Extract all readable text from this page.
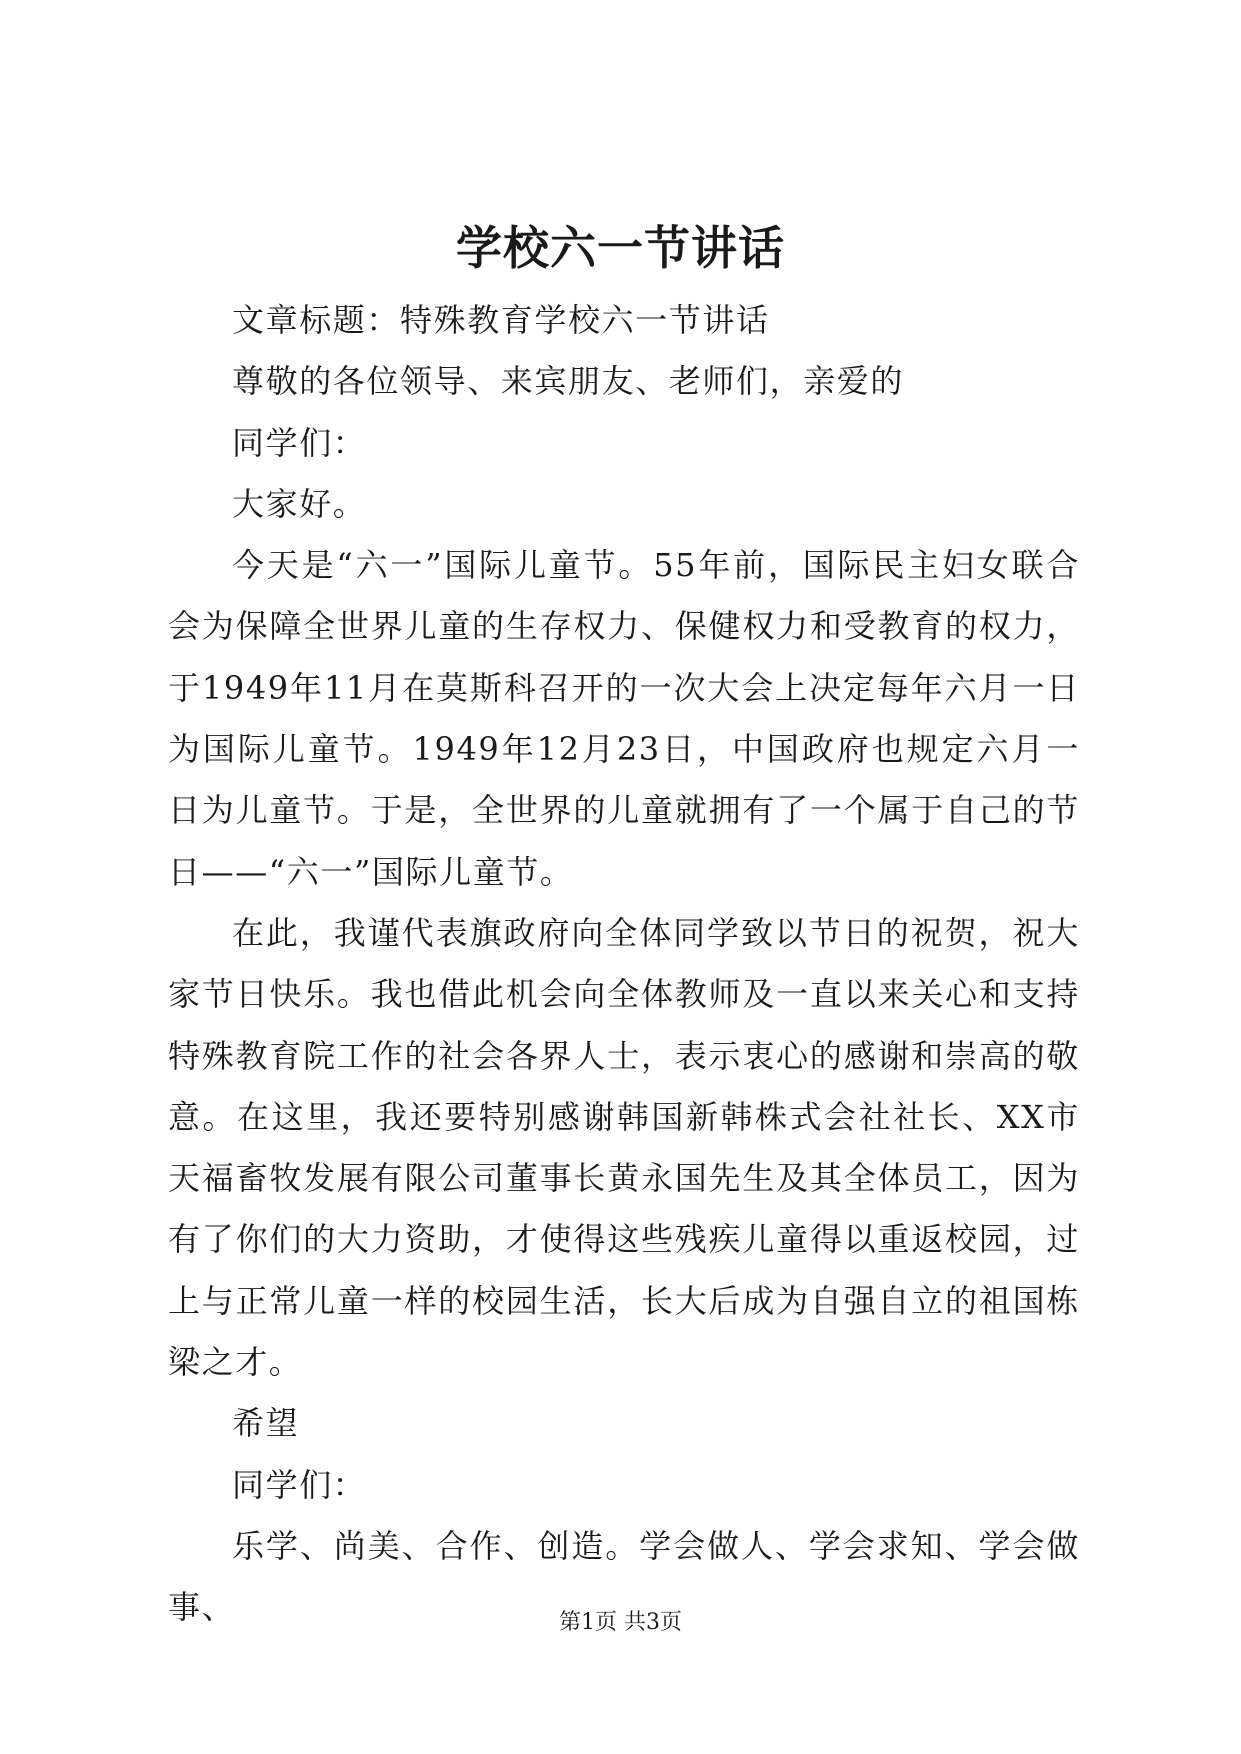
学校六一节讲话

文章标题：特殊教育学校六一节讲话

尊敬的各位领导、来宾朋友、老师们，亲爱的

同学们：

大家好。

今天是“六一”国际儿童节。55年前，国际民主妇女联合会为保障全世界儿童的生存权力、保健权力和受教育的权力，于1949年11月在莫斯科召开的一次大会上决定每年六月一日为国际儿童节。1949年12月23日，中国政府也规定六月一日为儿童节。于是，全世界的儿童就拥有了一个属于自己的节日——“六一”国际儿童节。

在此，我谨代表旗政府向全体同学致以节日的祝贺，祝大家节日快乐。我也借此机会向全体教师及一直以来关心和支持特殊教育院工作的社会各界人士，表示衷心的感谢和崇高的敬意。在这里，我还要特别感谢韩国新韩株式会社社长、XX市天福畜牧发展有限公司董事长黄永国先生及其全体员工，因为有了你们的大力资助，才使得这些残疾儿童得以重返校园，过上与正常儿童一样的校园生活，长大后成为自强自立的祖国栋梁之才。

希望

同学们：

乐学、尚美、合作、创造。学会做人、学会求知、学会做事、	第1页 共3页
